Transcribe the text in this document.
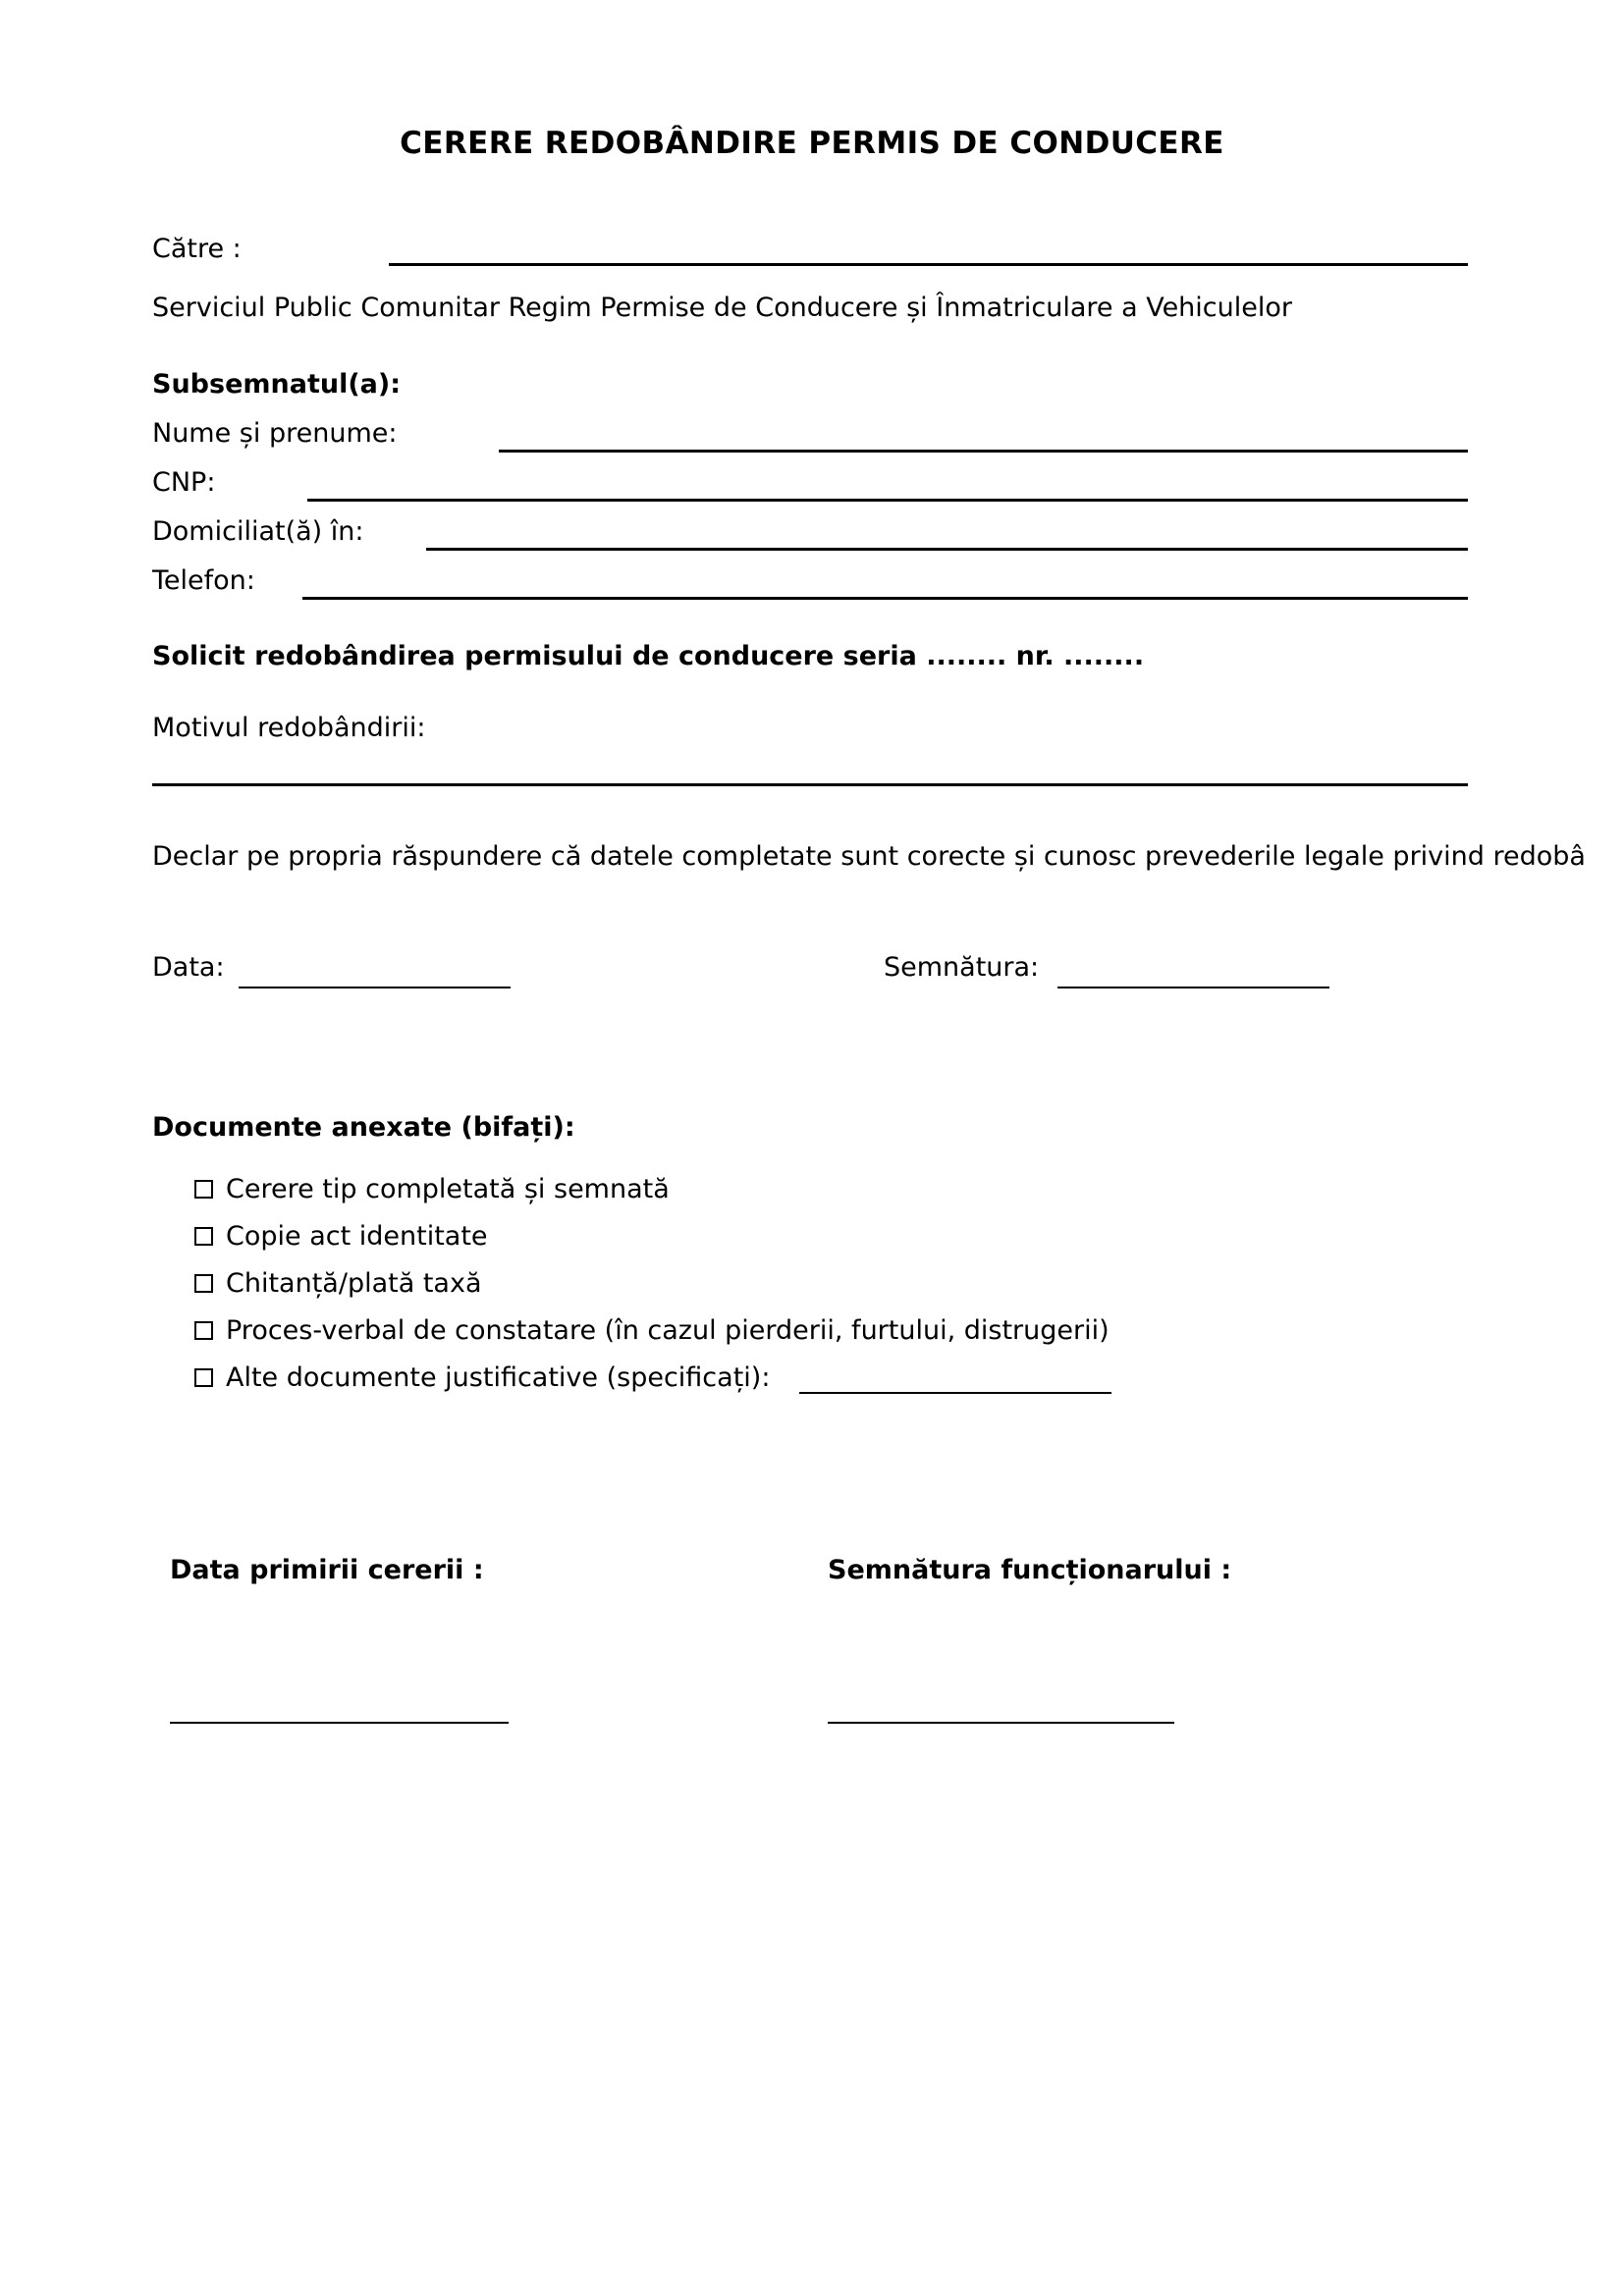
CERERE REDOBÂNDIRE PERMIS DE CONDUCERE
Către :
Serviciul Public Comunitar Regim Permise de Conducere și Înmatriculare a Vehiculelor
Subsemnatul(a):
Nume și prenume:
CNP:
Domiciliat(ă) în:
Telefon:
Solicit redobândirea permisului de conducere seria ........ nr. ........
Motivul redobândirii:
Declar pe propria răspundere că datele completate sunt corecte și cunosc prevederile legale privind redobâ
Data:	Semnătura:
Documente anexate (bifați):
Cerere tip completată și semnată
Copie act identitate
Chitanță/plată taxă
Proces-verbal de constatare (în cazul pierderii, furtului, distrugerii)
Alte documente justificative (specificați):
Data primirii cererii :	Semnătura funcționarului :
